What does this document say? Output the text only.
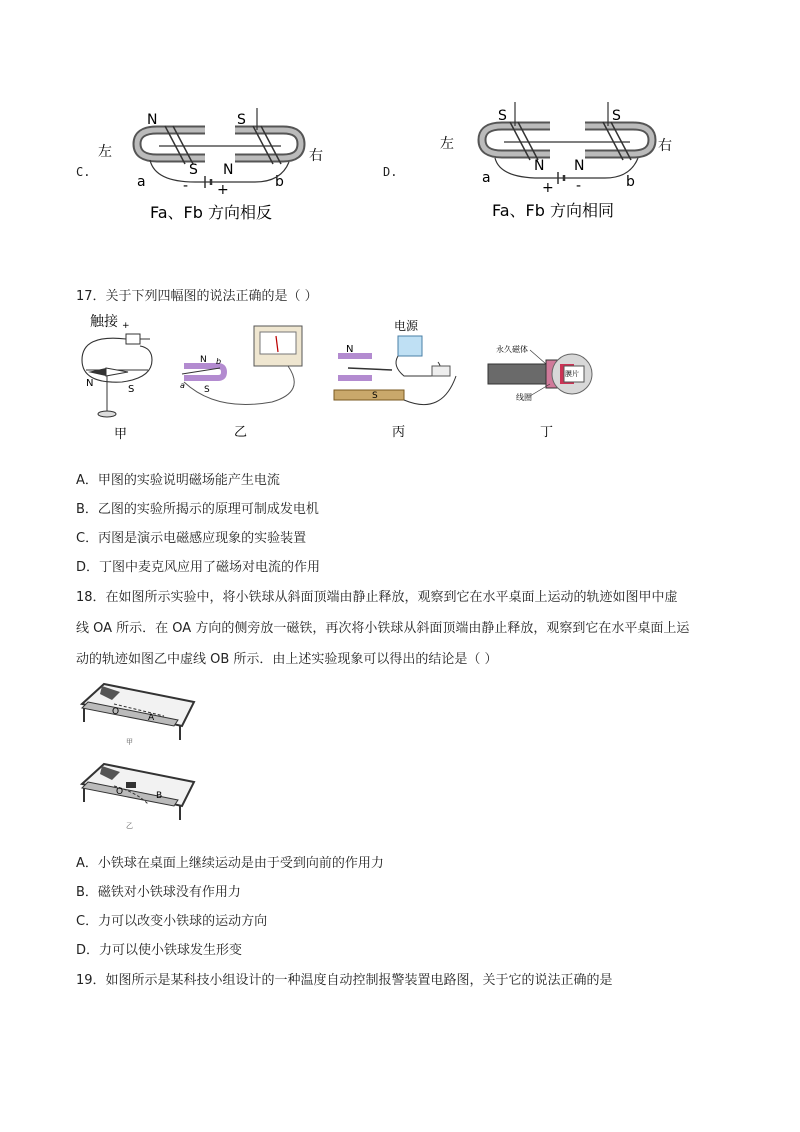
C.
左	右
N	S
S N
a	b
- +
Fa、Fb 方向相反
D.
左	右
S	S
N N
a	b
+ -
Fa、Fb 方向相同
17．关于下列四幅图的说法正确的是（ ）
触接 +
N
S
甲
N
S
b
a
乙
电源
N
S
丙
永久磁体
膜片
线圈
丁
A．甲图的实验说明磁场能产生电流
B．乙图的实验所揭示的原理可制成发电机
C．丙图是演示电磁感应现象的实验装置
D．丁图中麦克风应用了磁场对电流的作用
18．在如图所示实验中，将小铁球从斜面顶端由静止释放，观察到它在水平桌面上运动的轨迹如图甲中虚
线 OA 所示．在 OA 方向的侧旁放一磁铁，再次将小铁球从斜面顶端由静止释放，观察到它在水平桌面上运
动的轨迹如图乙中虚线 OB 所示．由上述实验现象可以得出的结论是（ ）
O
A
甲
O	B
乙
A．小铁球在桌面上继续运动是由于受到向前的作用力
B．磁铁对小铁球没有作用力
C．力可以改变小铁球的运动方向
D．力可以使小铁球发生形变
19．如图所示是某科技小组设计的一种温度自动控制报警装置电路图，关于它的说法正确的是
